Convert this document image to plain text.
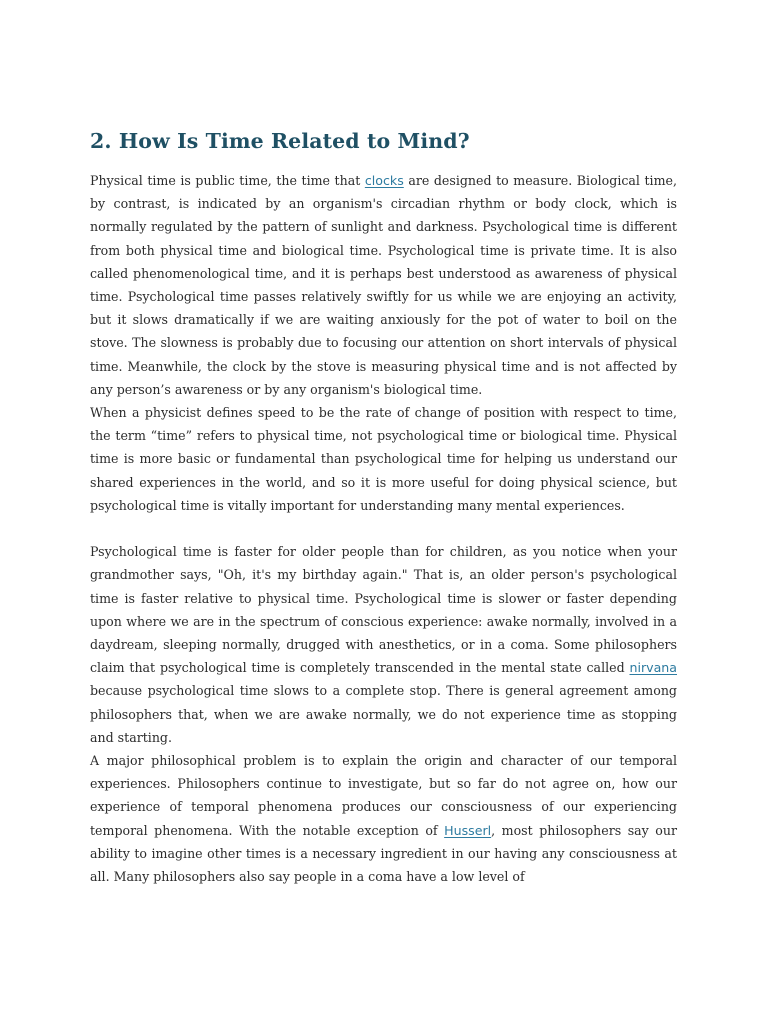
2. How Is Time Related to Mind?

Physical time is public time, the time that clocks are designed to measure. Biological time, by contrast, is indicated by an organism's circadian rhythm or body clock, which is normally regulated by the pattern of sunlight and darkness. Psychological time is different from both physical time and biological time. Psychological time is private time. It is also called phenomenological time, and it is perhaps best understood as awareness of physical time. Psychological time passes relatively swiftly for us while we are enjoying an activity, but it slows dramatically if we are waiting anxiously for the pot of water to boil on the stove. The slowness is probably due to focusing our attention on short intervals of physical time. Meanwhile, the clock by the stove is measuring physical time and is not affected by any person’s awareness or by any organism's biological time.

When a physicist defines speed to be the rate of change of position with respect to time, the term “time” refers to physical time, not psychological time or biological time. Physical time is more basic or fundamental than psychological time for helping us understand our shared experiences in the world, and so it is more useful for doing physical science, but psychological time is vitally important for understanding many mental experiences.

Psychological time is faster for older people than for children, as you notice when your grandmother says, "Oh, it's my birthday again." That is, an older person's psychological time is faster relative to physical time. Psychological time is slower or faster depending upon where we are in the spectrum of conscious experience: awake normally, involved in a daydream, sleeping normally, drugged with anesthetics, or in a coma. Some philosophers claim that psychological time is completely transcended in the mental state called nirvana because psychological time slows to a complete stop. There is general agreement among philosophers that, when we are awake normally, we do not experience time as stopping and starting.

A major philosophical problem is to explain the origin and character of our temporal experiences. Philosophers continue to investigate, but so far do not agree on, how our experience of temporal phenomena produces our consciousness of our experiencing temporal phenomena. With the notable exception of Husserl, most philosophers say our ability to imagine other times is a necessary ingredient in our having any consciousness at all. Many philosophers also say people in a coma have a low level of
